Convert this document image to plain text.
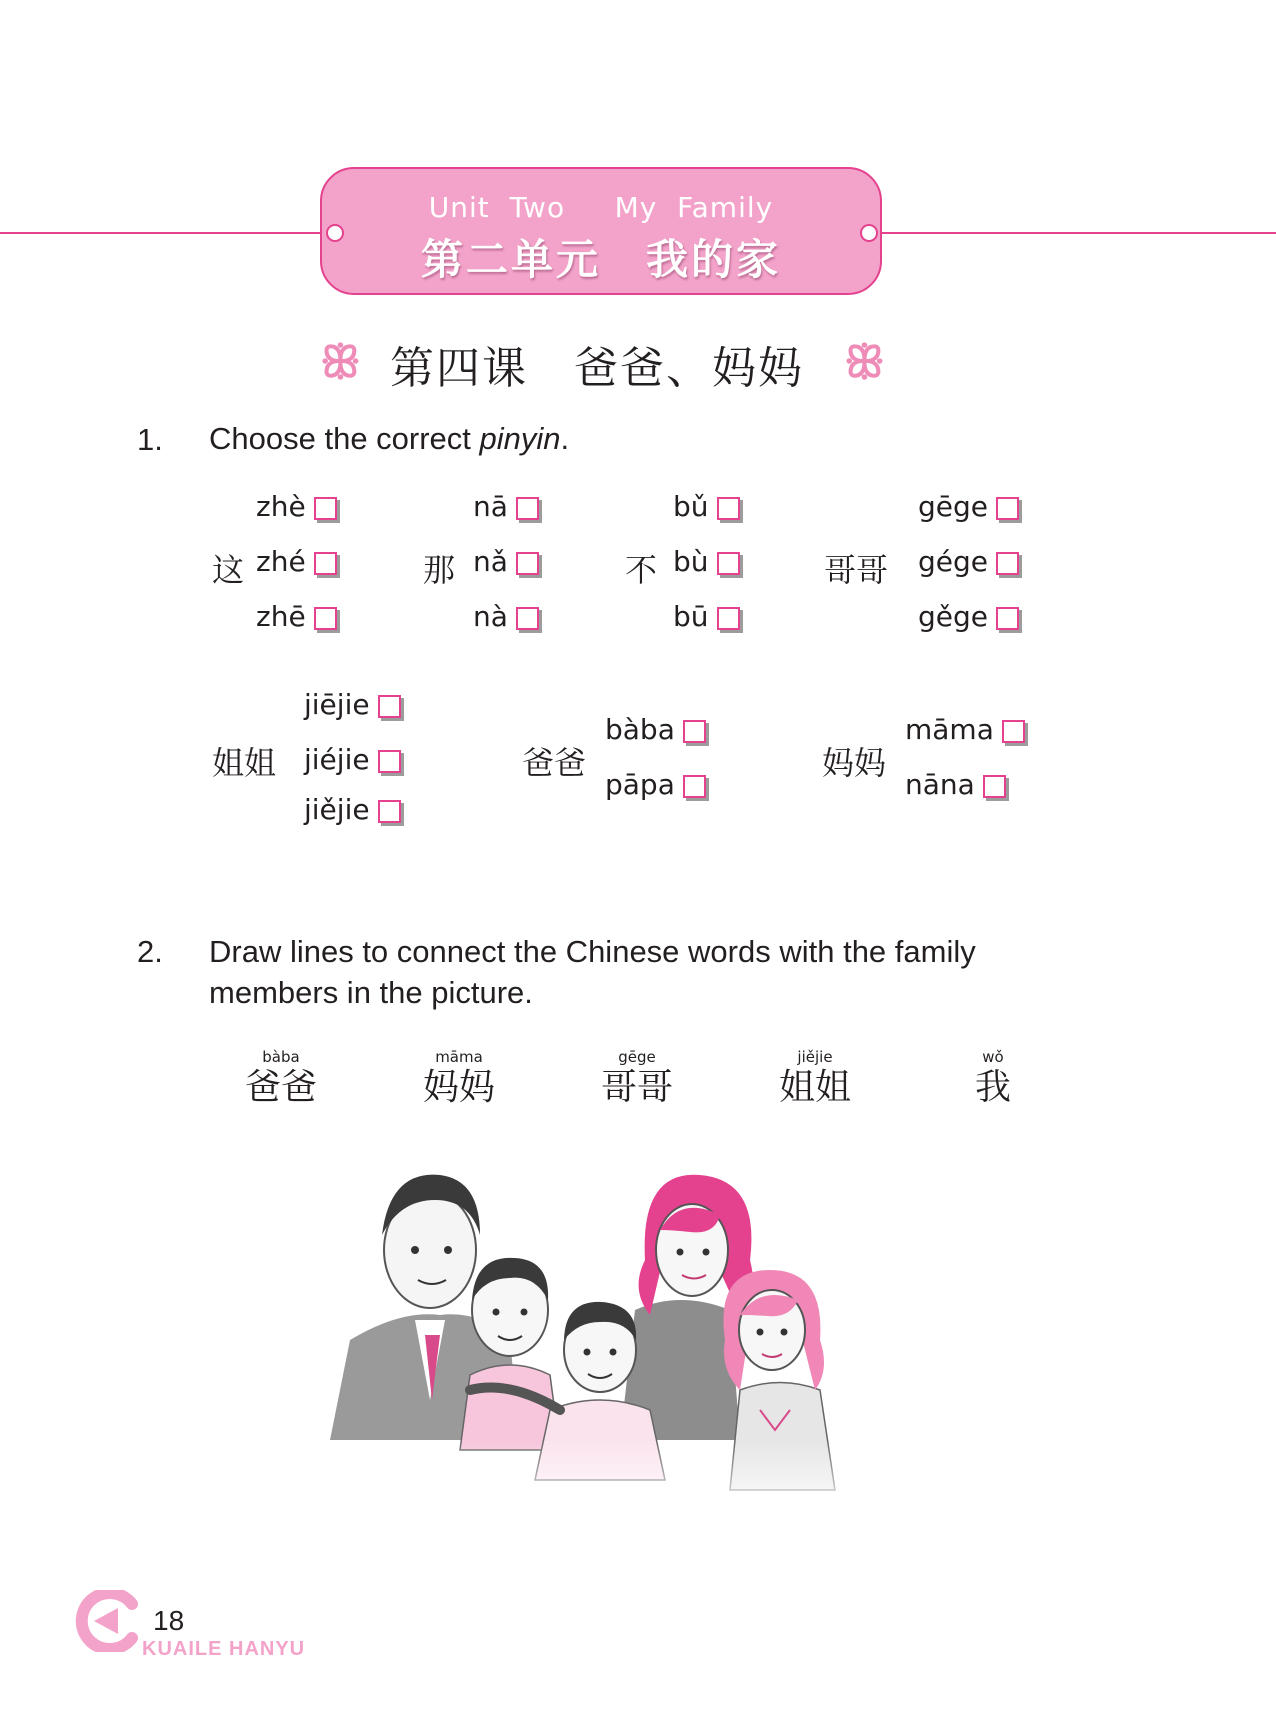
Unit  Two     My  Family
第二单元　我的家
ꕥ 第四课　爸爸、妈妈 ꕥ
1. Choose the correct pinyin.
这
zhè
zhé
zhē
那
nā
nǎ
nà
不
bǔ
bù
bū
哥哥
gēge
gége
gěge
姐姐
jiējie
jiéjie
jiějie
爸爸
bàba
pāpa
妈妈
māma
nāna
2. Draw lines to connect the Chinese words with the family
members in the picture.
bàba
爸爸
māma
妈妈
gēge
哥哥
jiějie
姐姐
wǒ
我
18
KUAILE HANYU
